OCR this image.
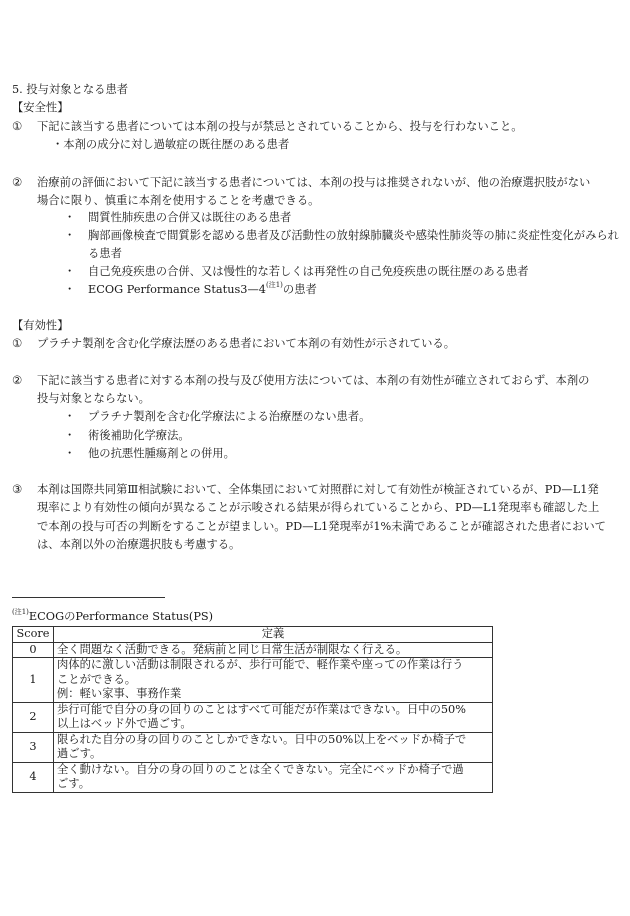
5. 投与対象となる患者
【安全性】
① 下記に該当する患者については本剤の投与が禁忌とされていることから、投与を行わないこと。
・本剤の成分に対し過敏症の既往歴のある患者
② 治療前の評価において下記に該当する患者については、本剤の投与は推奨されないが、他の治療選択肢がない
場合に限り、慎重に本剤を使用することを考慮できる。
・ 間質性肺疾患の合併又は既往のある患者
・ 胸部画像検査で間質影を認める患者及び活動性の放射線肺臓炎や感染性肺炎等の肺に炎症性変化がみられ
る患者
・ 自己免疫疾患の合併、又は慢性的な若しくは再発性の自己免疫疾患の既往歴のある患者
・ ECOG Performance $Status3—4^{(注1)}$の患者
【有効性】
① プラチナ製剤を含む化学療法歴のある患者において本剤の有効性が示されている。
② 下記に該当する患者に対する本剤の投与及び使用方法については、本剤の有効性が確立されておらず、本剤の
投与対象とならない。
・ プラチナ製剤を含む化学療法による治療歴のない患者。
・ 術後補助化学療法。
・ 他の抗悪性腫瘍剤との併用。
③ 本剤は国際共同第Ⅲ相試験において、全体集団において対照群に対して有効性が検証されているが、PD—L1発
現率により有効性の傾向が異なることが示唆される結果が得られていることから、PD—L1発現率も確認した上
で本剤の投与可否の判断をすることが望ましい。PD—L1発現率が1%未満であることが確認された患者において
は、本剤以外の治療選択肢も考慮する。
$^{(注1)}$ECOGのPerformance Status(PS)
Score	定義
0	全く問題なく活動できる。発病前と同じ日常生活が制限なく行える。

1	肉体的に激しい活動は制限されるが、歩行可能で、軽作業や座っての作業は行う
ことができる。
例：軽い家事、事務作業

2	歩行可能で自分の身の回りのことはすべて可能だが作業はできない。日中の50%
以上はベッド外で過ごす。

3	限られた自分の身の回りのことしかできない。日中の50%以上をベッドか椅子で
過ごす。

4	全く動けない。自分の身の回りのことは全くできない。完全にベッドか椅子で過
ごす。
